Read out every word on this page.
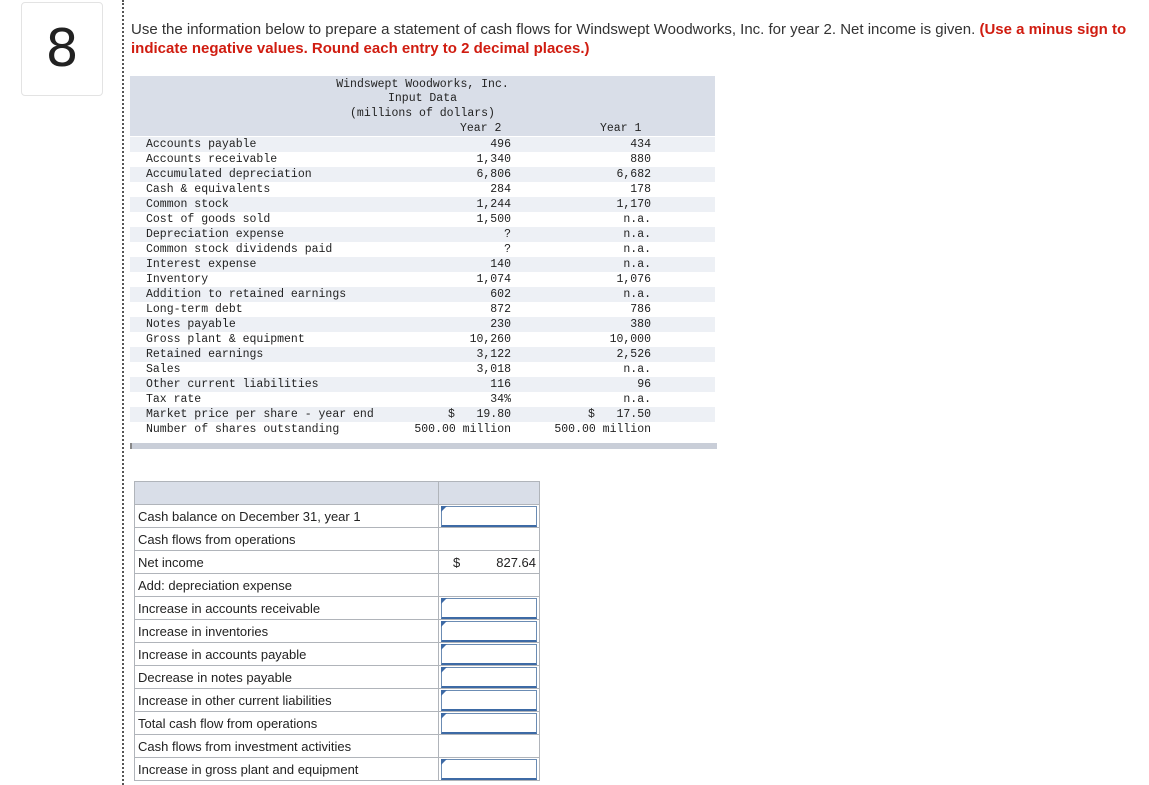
8	Use the information below to prepare a statement of cash flows for Windswept Woodworks, Inc. for year 2. Net income is given. (Use a minus sign to indicate negative values. Round each entry to 2 decimal places.)
Windswept Woodworks, Inc.
Input Data
(millions of dollars)
Year 2	Year 1
Accounts payable	496	434
Accounts receivable	1,340	880
Accumulated depreciation	6,806	6,682
Cash & equivalents	284	178
Common stock	1,244	1,170
Cost of goods sold	1,500	n.a.
Depreciation expense	?	n.a.
Common stock dividends paid	?	n.a.
Interest expense	140	n.a.
Inventory	1,074	1,076
Addition to retained earnings	602	n.a.
Long-term debt	872	786
Notes payable	230	380
Gross plant & equipment	10,260	10,000
Retained earnings	3,122	2,526
Sales	3,018	n.a.
Other current liabilities	116	96
Tax rate	34%	n.a.
Market price per share - year end	19.80	17.50
$	$
Number of shares outstanding	500.00 million	500.00 million

Cash balance on December 31, year 1	

Cash flows from operations	
Net income	$ 827.64

Add: depreciation expense	
Increase in accounts receivable	

Increase in inventories	

Increase in accounts payable	

Decrease in notes payable	

Increase in other current liabilities	

Total cash flow from operations	

Cash flows from investment activities	
Increase in gross plant and equipment	
